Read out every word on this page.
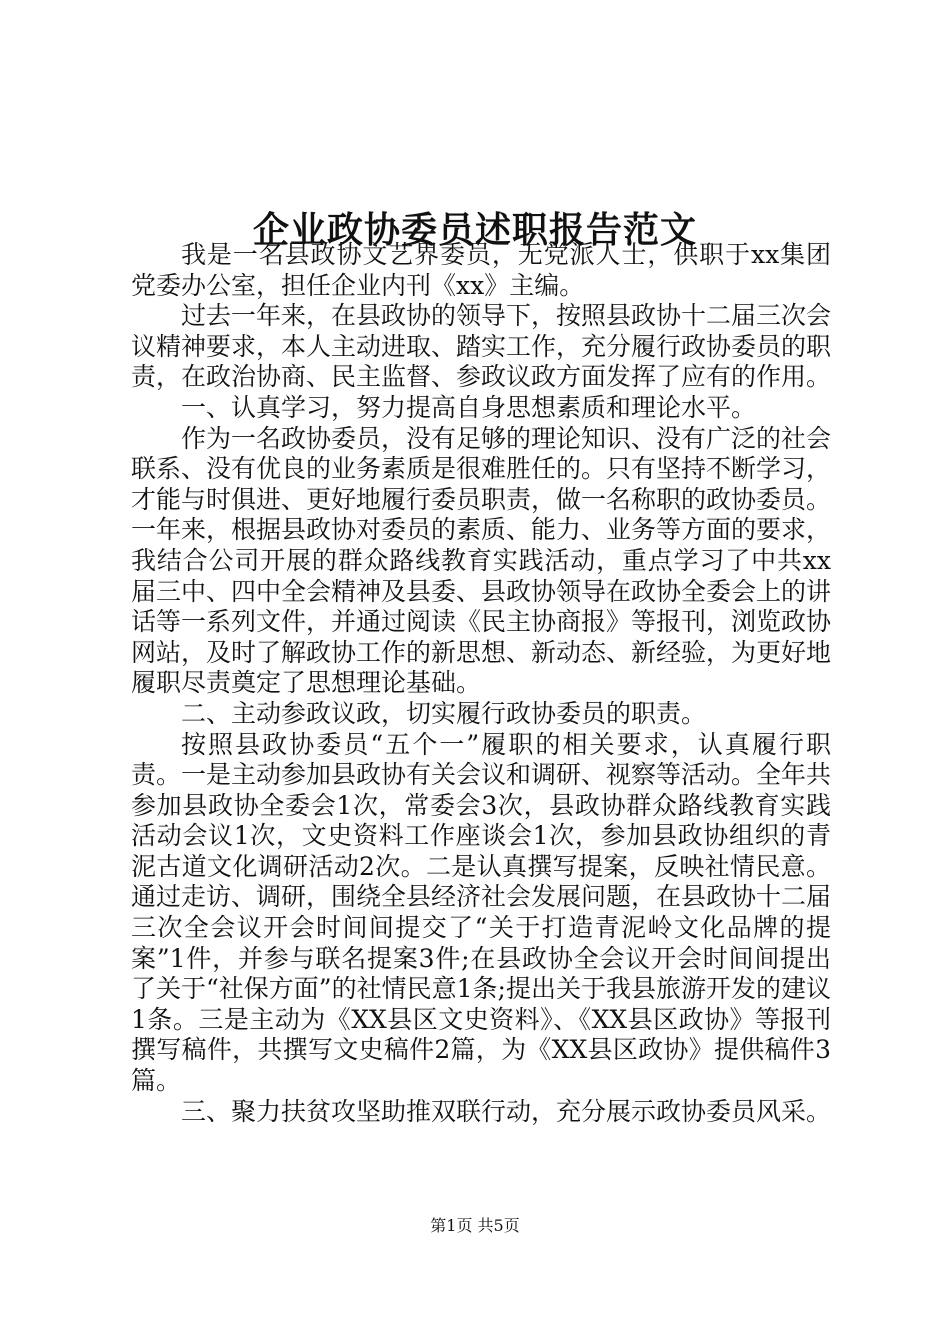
企业政协委员述职报告范文

我是一名县政协文艺界委员，无党派人士，供职于xx集团党委办公室，担任企业内刊《xx》主编。

过去一年来，在县政协的领导下，按照县政协十二届三次会议精神要求，本人主动进取、踏实工作，充分履行政协委员的职责，在政治协商、民主监督、参政议政方面发挥了应有的作用。

一、认真学习，努力提高自身思想素质和理论水平。

作为一名政协委员，没有足够的理论知识、没有广泛的社会联系、没有优良的业务素质是很难胜任的。只有坚持不断学习，才能与时俱进、更好地履行委员职责，做一名称职的政协委员。一年来，根据县政协对委员的素质、能力、业务等方面的要求，我结合公司开展的群众路线教育实践活动，重点学习了中共xx届三中、四中全会精神及县委、县政协领导在政协全委会上的讲话等一系列文件，并通过阅读《民主协商报》等报刊，浏览政协网站，及时了解政协工作的新思想、新动态、新经验，为更好地履职尽责奠定了思想理论基础。

二、主动参政议政，切实履行政协委员的职责。

按照县政协委员“五个一”履职的相关要求，认真履行职责。一是主动参加县政协有关会议和调研、视察等活动。全年共参加县政协全委会1次，常委会3次，县政协群众路线教育实践活动会议1次，文史资料工作座谈会1次，参加县政协组织的青泥古道文化调研活动2次。二是认真撰写提案，反映社情民意。通过走访、调研，围绕全县经济社会发展问题，在县政协十二届三次全会议开会时间间提交了“关于打造青泥岭文化品牌的提案”1件，并参与联名提案3件;在县政协全会议开会时间间提出了关于“社保方面”的社情民意1条;提出关于我县旅游开发的建议1条。三是主动为《XX县区文史资料》、《XX县区政协》等报刊撰写稿件，共撰写文史稿件2篇，为《XX县区政协》提供稿件3篇。

三、聚力扶贫攻坚助推双联行动，充分展示政协委员风采。

第1页 共5页
